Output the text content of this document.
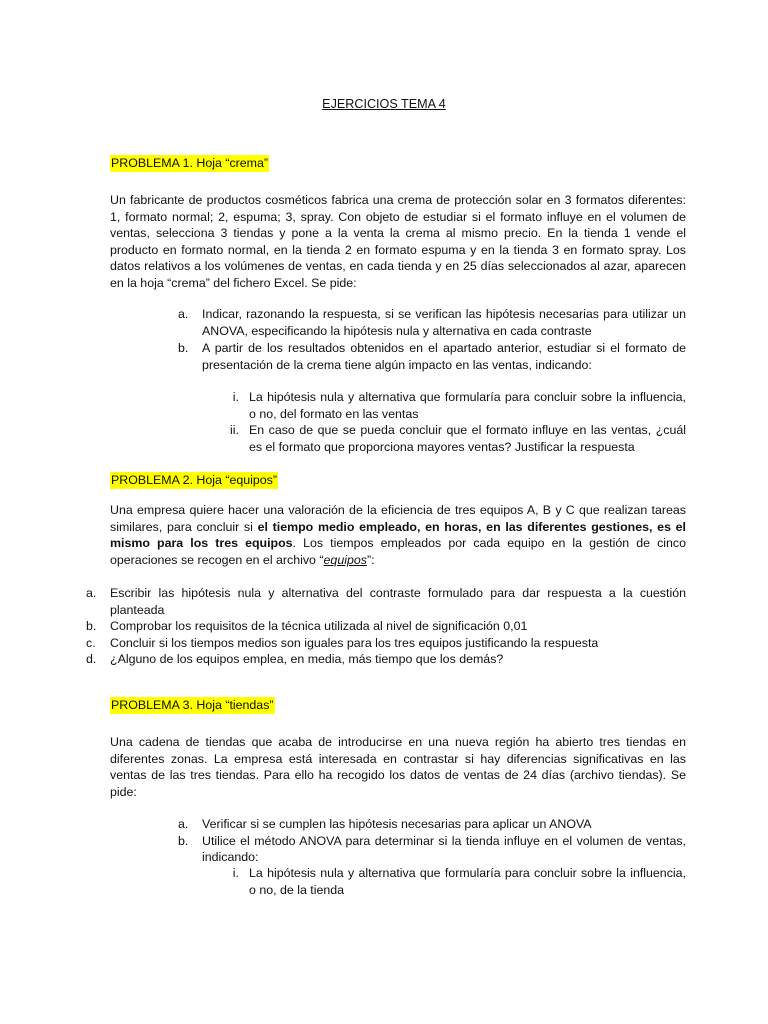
EJERCICIOS TEMA 4
PROBLEMA 1. Hoja “crema”

Un fabricante de productos cosméticos fabrica una crema de protección solar en 3 formatos diferentes: 1, formato normal; 2, espuma; 3, spray. Con objeto de estudiar si el formato influye en el volumen de ventas, selecciona 3 tiendas y pone a la venta la crema al mismo precio. En la tienda 1 vende el producto en formato normal, en la tienda 2 en formato espuma y en la tienda 3 en formato spray. Los datos relativos a los volúmenes de ventas, en cada tienda y en 25 días seleccionados al azar, aparecen en la hoja “crema” del fichero Excel. Se pide:

a. Indicar, razonando la respuesta, si se verifican las hipótesis necesarias para utilizar un ANOVA, especificando la hipótesis nula y alternativa en cada contraste
b. A partir de los resultados obtenidos en el apartado anterior, estudiar si el formato de presentación de la crema tiene algún impacto en las ventas, indicando:
i. La hipótesis nula y alternativa que formularía para concluir sobre la influencia, o no, del formato en las ventas
ii. En caso de que se pueda concluir que el formato influye en las ventas, ¿cuál es el formato que proporciona mayores ventas? Justificar la respuesta
PROBLEMA 2. Hoja “equipos”

Una empresa quiere hacer una valoración de la eficiencia de tres equipos A, B y C que realizan tareas similares, para concluir si el tiempo medio empleado, en horas, en las diferentes gestiones, es el mismo para los tres equipos. Los tiempos empleados por cada equipo en la gestión de cinco operaciones se recogen en el archivo “equipos”:

a. Escribir las hipótesis nula y alternativa del contraste formulado para dar respuesta a la cuestión planteada
b. Comprobar los requisitos de la técnica utilizada al nivel de significación 0,01
c. Concluir si los tiempos medios son iguales para los tres equipos justificando la respuesta
d. ¿Alguno de los equipos emplea, en media, más tiempo que los demás?
PROBLEMA 3. Hoja “tiendas”

Una cadena de tiendas que acaba de introducirse en una nueva región ha abierto tres tiendas en diferentes zonas. La empresa está interesada en contrastar si hay diferencias significativas en las ventas de las tres tiendas. Para ello ha recogido los datos de ventas de 24 días (archivo tiendas). Se pide:

a. Verificar si se cumplen las hipótesis necesarias para aplicar un ANOVA
b. Utilice el método ANOVA para determinar si la tienda influye en el volumen de ventas, indicando:
i. La hipótesis nula y alternativa que formularía para concluir sobre la influencia, o no, de la tienda
